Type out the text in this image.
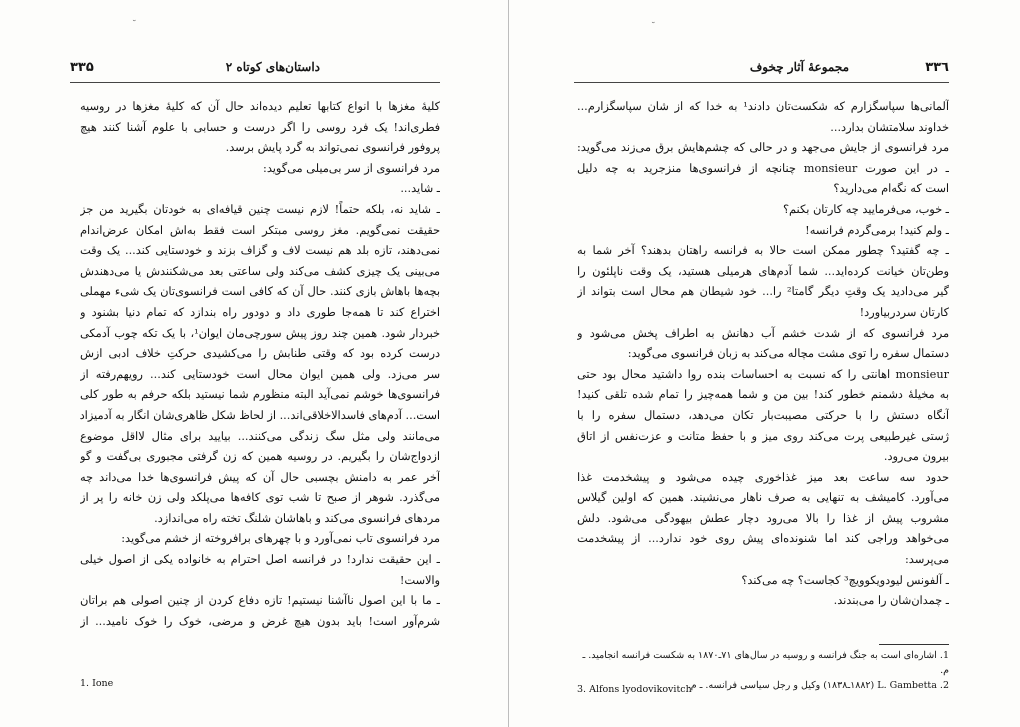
˘
۳۳۵	داستان‌های کوتاه ۲
کلیهٔ مغزها با انواع کتابها تعلیم دیده‌اند حال آن که کلیهٔ مغزها در روسیه
فطری‌اند! یک فرد روسی را اگر درست و حسابی با علوم آشنا کنند هیچ
پروفور فرانسوی نمی‌تواند به گرد پایش برسد.
مرد فرانسوی از سر بی‌میلی می‌گوید:
ـ شاید...
ـ شاید نه، بلکه حتماً! لازم نیست چنین قیافه‌ای به خودتان بگیرید من جز
حقیقت نمی‌گویم. مغز روسی مبتکر است فقط به‌اش امکان عرض‌اندام
نمی‌دهند، تازه بلد هم نیست لاف و گزاف بزند و خودستایی کند... یک وقت
می‌بینی یک چیزی کشف می‌کند ولی ساعتی بعد می‌شکنندش یا می‌دهندش
بچه‌ها باهاش بازی کنند. حال آن که کافی است فرانسوی‌تان یک شیء مهملی
اختراع کند تا همه‌جا طوری داد و دودور راه بندازد که تمام دنیا بشنود و
خبردار شود. همین چند روز پیش سورچی‌مان ایوان¹، با یک تکه چوب آدمکی
درست کرده بود که وقتی طنابش را می‌کشیدی حرکتِ خلاف ادبی ازش
سر می‌زد. ولی همین ایوان محال است خودستایی کند... رویهم‌رفته از
فرانسوی‌ها خوشم نمی‌آید البته منظورم شما نیستید بلکه حرفم به طور کلی
است... آدم‌های فاسدالاخلاقی‌اند... از لحاظ شکل ظاهری‌شان انگار به آدمیزاد
می‌مانند ولی مثل سگ زندگی می‌کنند... بیایید برای مثال لااقل موضوع
ازدواج‌شان را بگیریم. در روسیه همین که زن گرفتی مجبوری بی‌گفت و گو
آخر عمر به دامنش بچسبی حال آن که پیش فرانسوی‌ها خدا می‌داند چه
می‌گذرد. شوهر از صبح تا شب توی کافه‌ها می‌پلکد ولی زن خانه را پر از
مردهای فرانسوی می‌کند و باهاشان شلنگ تخته راه می‌اندازد.
مرد فرانسوی تاب نمی‌آورد و با چهرهای برافروخته از خشم می‌گوید:
ـ این حقیقت ندارد! در فرانسه اصل احترام به خانواده یکی از اصول خیلی
والاست!
ـ ما با این اصول ناآشنا نیستیم! تازه دفاع کردن از چنین اصولی هم براتان
شرم‌آور است! باید بدون هیچ غرض و مرضی، خوک را خوک نامید... از
1. Ione
˘
مجموعهٔ آثار چخوف	۳۳٦
آلمانی‌ها سپاسگزارم که شکست‌تان دادند¹ به خدا که از شان سپاسگزارم...
خداوند سلامتشان بدارد...
مرد فرانسوی از جایش می‌جهد و در حالی که چشم‌هایش برق می‌زند می‌گوید:
ـ در این صورت monsieur چنانچه از فرانسوی‌ها منزجرید به چه دلیل
است که نگه‌ام می‌دارید؟
ـ خوب، می‌فرمایید چه کارتان بکنم؟
ـ ولم کنید! برمی‌گردم فرانسه!
ـ چه گفتید؟ چطور ممکن است حالا به فرانسه راهتان بدهند؟ آخر شما به
وطن‌تان خیانت کرده‌اید... شما آدم‌های هرمیلی هستید، یک وقت ناپلئون را
گیر می‌دادید یک وقتِ دیگر گامتا² را... خود شیطان هم محال است بتواند از
کارتان سردربیاورد!
مرد فرانسوی که از شدت خشم آب دهانش به اطراف پخش می‌شود و
دستمال سفره را توی مشت مچاله می‌کند به زبان فرانسوی می‌گوید:
monsieur اهانتی را که نسبت به احساسات بنده روا داشتید محال بود حتی
به مخیلهٔ دشمنم خطور کند! بین من و شما همه‌چیز را تمام شده تلقی کنید!
آنگاه دستش را با حرکتی مصیبت‌بار تکان می‌دهد، دستمال سفره را با
ژستی غیرطبیعی پرت می‌کند روی میز و با حفظ متانت و عزت‌نفس از اتاق
بیرون می‌رود.
حدود سه ساعت بعد میز غذاخوری چیده می‌شود و پیشخدمت غذا
می‌آورد. کامیشف به تنهایی به صرف ناهار می‌نشیند. همین که اولین گیلاس
مشروب پیش از غذا را بالا می‌رود دچار عطش بیهودگی می‌شود. دلش
می‌خواهد وراجی کند اما شنونده‌ای پیش روی خود ندارد... از پیشخدمت
می‌پرسد:
ـ آلفونس لیودویکوویچ³ کجاست؟ چه می‌کند؟
ـ چمدان‌شان را می‌بندند.
1. اشاره‌ای است به جنگ فرانسه و روسیه در سال‌های ۷۱ـ۱۸۷۰ به شکست فرانسه انجامید. ـ م.
2. L. Gambetta (۱۸۸۲ـ۱۸۳۸) وکیل و رجل سیاسی فرانسه. ـ م.
3. Alfons lyodovikovitch
